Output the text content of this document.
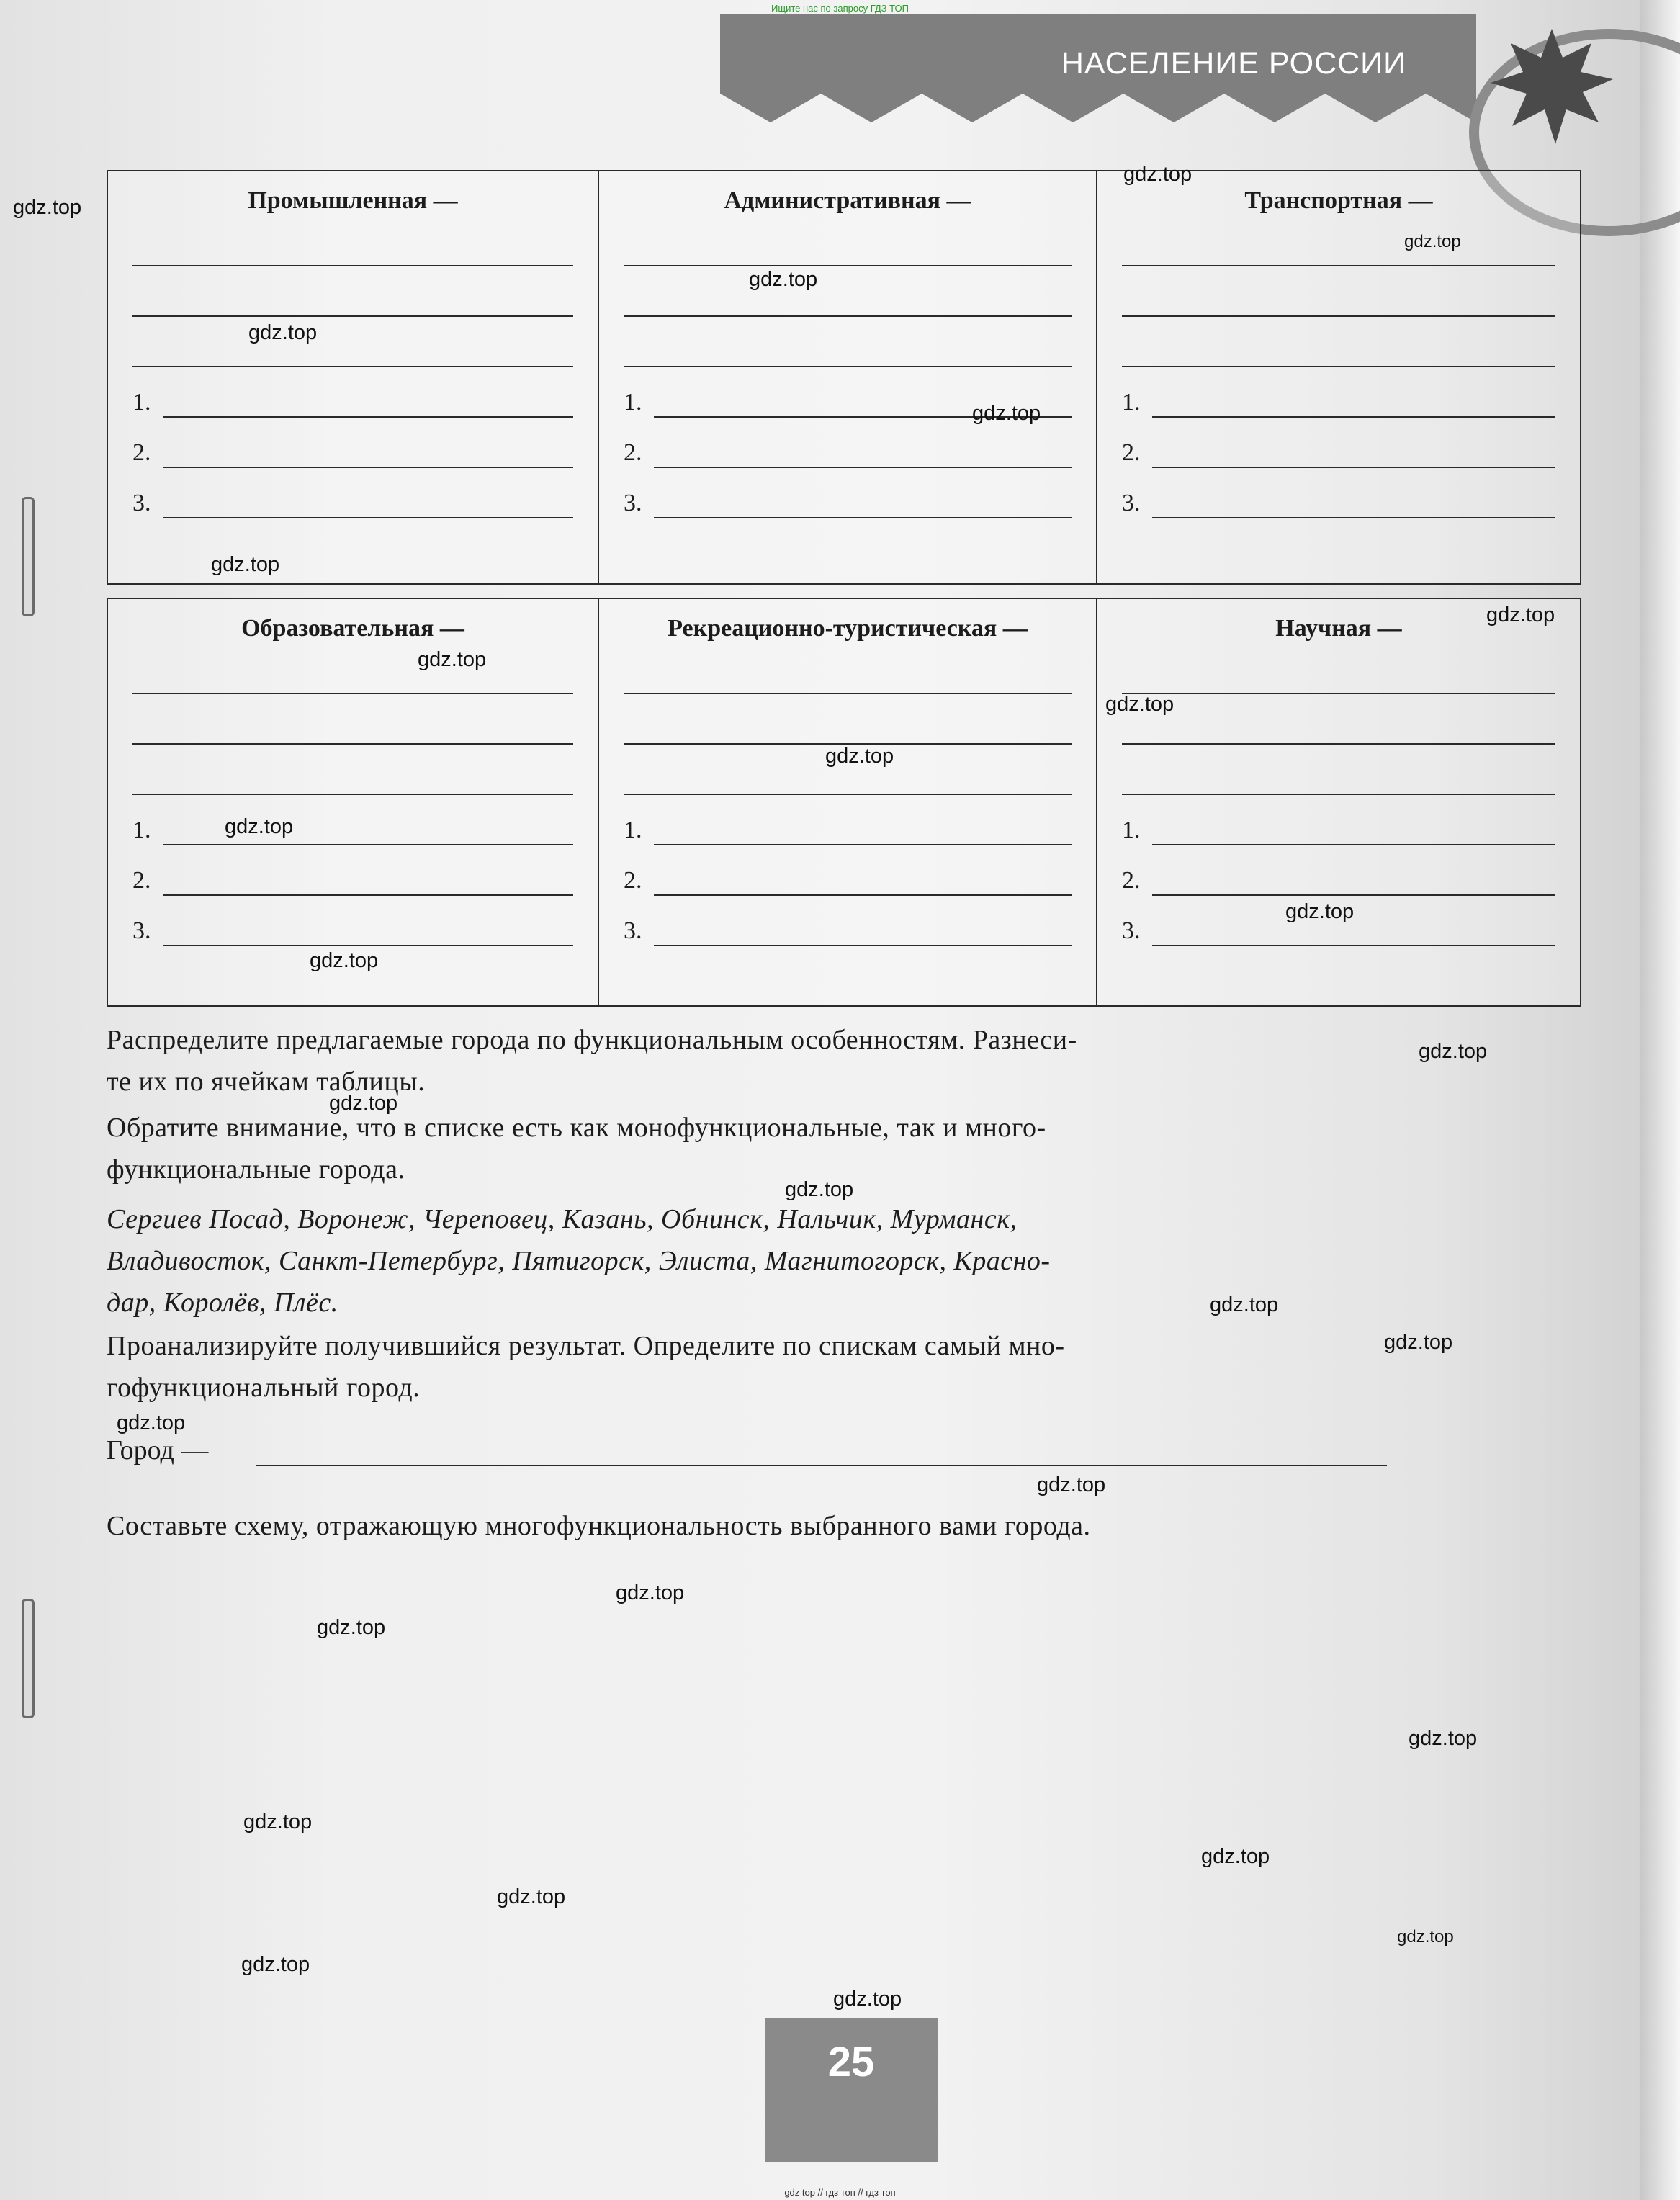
Ищите нас по запросу ГДЗ ТОП
НАСЕЛЕНИЕ РОССИИ
Промышленная —
1.
2.
3.

Административная —
1.
2.
3.

Транспортная —
1.
2.
3.
Образовательная —
1.
2.
3.

Рекреационно-туристическая —
1.
2.
3.

Научная —
1.
2.
3.
Распределите предлагаемые города по функциональным особенностям. Разнеси-
те их по ячейкам таблицы.
Обратите внимание, что в списке есть как монофункциональные, так и много-
функциональные города.
Сергиев Посад, Воронеж, Череповец, Казань, Обнинск, Нальчик, Мурманск,
Владивосток, Санкт-Петербург, Пятигорск, Элиста, Магнитогорск, Красно-
дар, Королёв, Плёс.
Проанализируйте получившийся результат. Определите по спискам самый мно-
гофункциональный город.
Город —
Составьте схему, отражающую многофункциональность выбранного вами города.
25
gdz top // гдз топ // гдз топ
gdz.top
gdz.top
gdz.top
gdz.top
gdz.top
gdz.top
gdz.top
gdz.top
gdz.top
gdz.top
gdz.top
gdz.top
gdz.top
gdz.top
gdz.top
gdz.top
gdz.top
gdz.top
gdz.top
gdz.top
gdz.top
gdz.top
gdz.top
gdz.top
gdz.top
gdz.top
gdz.top
gdz.top
gdz.top
gdz.top
